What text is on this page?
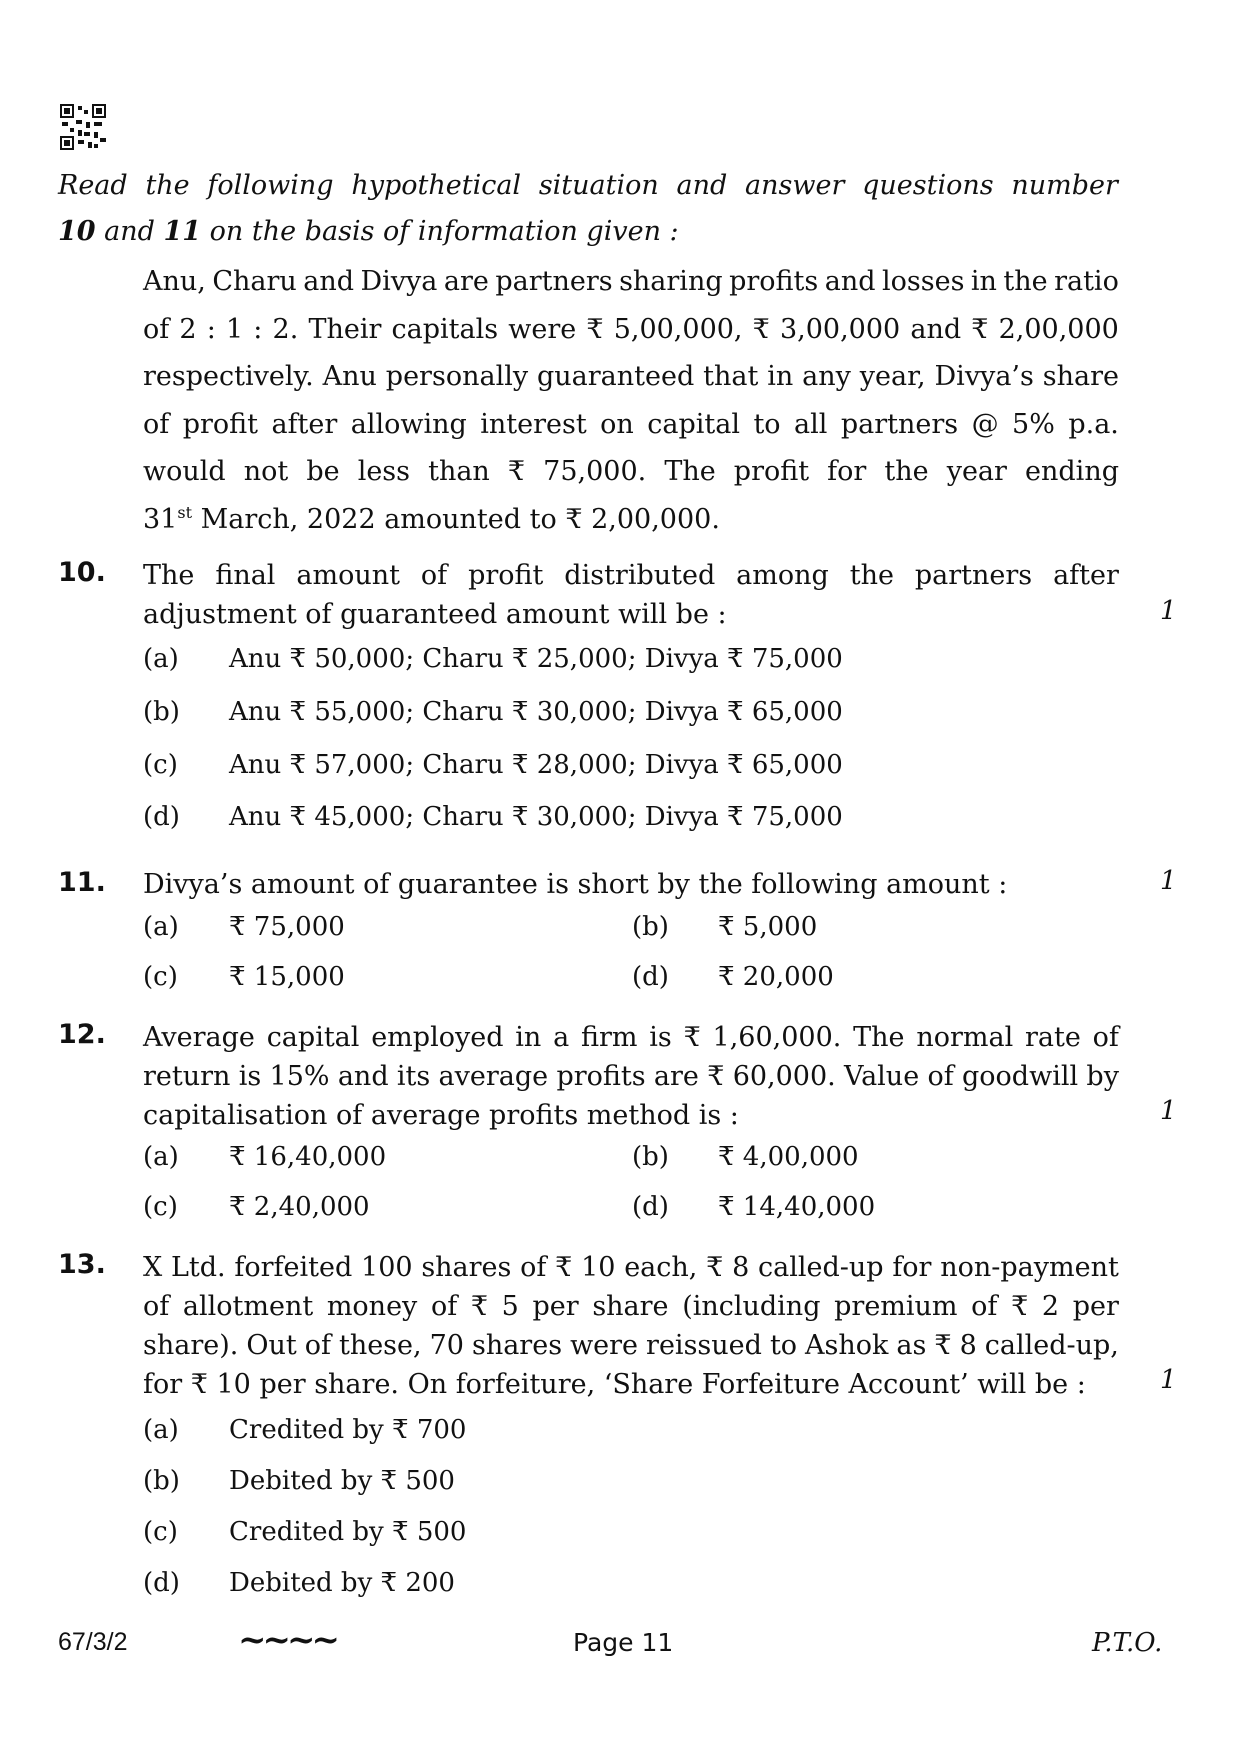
Read the following hypothetical situation and answer questions number
10 and 11 on the basis of information given :
Anu, Charu and Divya are partners sharing profits and losses in the ratio
of 2 : 1 : 2. Their capitals were ₹ 5,00,000, ₹ 3,00,000 and ₹ 2,00,000
respectively. Anu personally guaranteed that in any year, Divya’s share
of profit after allowing interest on capital to all partners @ 5% p.a.
would not be less than ₹ 75,000. The profit for the year ending
31st March, 2022 amounted to ₹ 2,00,000.
10. The final amount of profit distributed among the partners after
adjustment of guaranteed amount will be :	1
(a) Anu ₹ 50,000; Charu ₹ 25,000; Divya ₹ 75,000
(b) Anu ₹ 55,000; Charu ₹ 30,000; Divya ₹ 65,000
(c) Anu ₹ 57,000; Charu ₹ 28,000; Divya ₹ 65,000
(d) Anu ₹ 45,000; Charu ₹ 30,000; Divya ₹ 75,000
11. Divya’s amount of guarantee is short by the following amount :	1
(a) ₹ 75,000	(b) ₹ 5,000
(c) ₹ 15,000	(d) ₹ 20,000
12. Average capital employed in a firm is ₹ 1,60,000. The normal rate of
return is 15% and its average profits are ₹ 60,000. Value of goodwill by
capitalisation of average profits method is :	1
(a) ₹ 16,40,000	(b) ₹ 4,00,000
(c) ₹ 2,40,000	(d) ₹ 14,40,000
13. X Ltd. forfeited 100 shares of ₹ 10 each, ₹ 8 called-up for non-payment
of allotment money of ₹ 5 per share (including premium of ₹ 2 per
share). Out of these, 70 shares were reissued to Ashok as ₹ 8 called-up,
for ₹ 10 per share. On forfeiture, ‘Share Forfeiture Account’ will be :	1
(a) Credited by ₹ 700
(b) Debited by ₹ 500
(c) Credited by ₹ 500
(d) Debited by ₹ 200
67/3/2	~~~~	Page 11	P.T.O.
